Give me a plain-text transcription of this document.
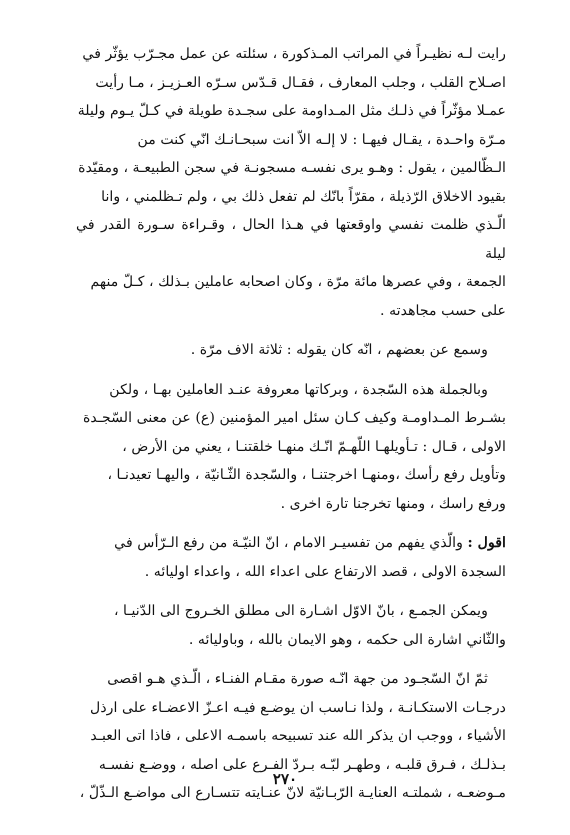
رايت لـه نظيـراً في المراتب المـذكورة ، سئلته عن عمل مجـرّب يؤثّر في
اصـلاح القلب ، وجلب المعارف ، فقـال قـدّس سـرّه العـزيـز ، مـا رأيت
عمـلا مؤثّراً في ذلـك مثل المـداومة على سجـدة طويلة في كـلّ يـوم وليلة
مـرّة واحـدة ، يقـال فيهـا : لا إلـه الاّ انت سبحـانـك انّي كنت من
الـظّالمين ، يقول : وهـو يرى نفسـه مسجونـة في سجن الطبيعـة ، ومقيّدة
بقيود الاخلاق الرّذيلة ، مقرّاً بانّك لم تفعل ذلك بي ، ولم تـظلمني ، وانا
الّـذي ظلمت نفسي واوقعتها في هـذا الحال ، وقـراءة سـورة القدر في ليلة
الجمعة ، وفي عصرها مائة مرّة ، وكان اصحابه عاملين بـذلك ، كـلّ منهم
على حسب مجاهدته .

وسمع عن بعضهم ، انّه كان يقوله : ثلاثة الاف مرّة .

وبالجملة هذه السّجدة ، وبركاتها معروفة عنـد العاملين بهـا ، ولكن
بشـرط المـداومـة وكيف كـان سئل امير المؤمنين (ع) عن معنى السّجـدة
الاولى ، قـال : تـأويلهـا اللّهـمّ انّـك منهـا خلقتنـا ، يعني من الأرض ،
وتأويل رفع رأسك ،ومنهـا اخرجتنـا ، والسّجدة الثّـانيّة ، واليهـا تعيدنـا ،
ورفع راسك ، ومنها تخرجنا تارة اخرى .

اقول : والّذي يفهم من تفسيـر الامام ، انّ النيّـة من رفع الـرّأس في
السجدة الاولى ، قصد الارتفاع على اعداء الله ، واعداء اوليائه .

ويمكن الجمـع ، بانّ الاوّل اشـارة الى مطلق الخـروج الى الدّنيـا ،
والثّاني اشارة الى حكمه ، وهو الايمان بالله ، وباوليائه .

ثمّ انّ السّجـود من جهة انّـه صورة مقـام الفنـاء ، الّـذي هـو اقصى
درجـات الاستكـانـة ، ولذا نـاسب ان يوضـع فيـه اعـزّ الاعضـاء على ارذل
الأشياء ، ووجب ان يذكر الله عند تسبيحه باسمـه الاعلى ، فاذا اتى العبـد
بـذلـك ، فـرق قلبـه ، وطهـر لبّـه بـردّ الفـرع على اصله ، ووضـع نفسـه
مـوضعـه ، شملتـه العنايـة الرّبـانيّة لانّ عنـايته تتسـارع الى مواضـع الـذّلّ ،

٢٧٠
